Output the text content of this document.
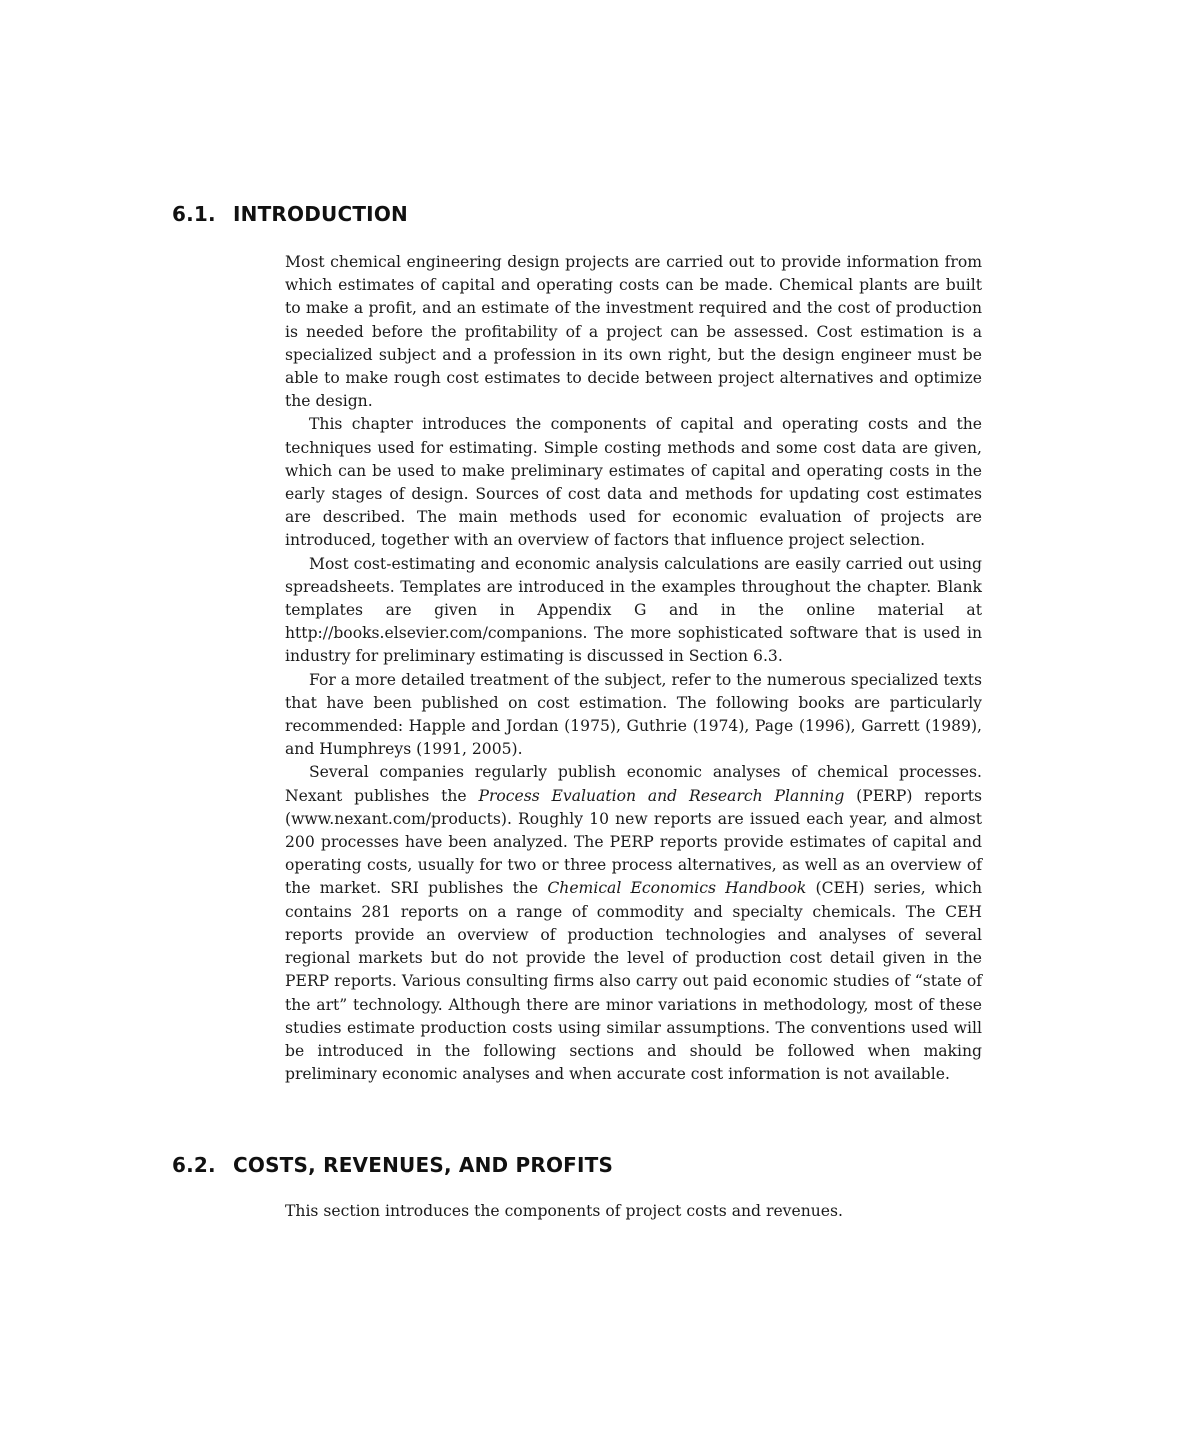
6.1. INTRODUCTION

Most chemical engineering design projects are carried out to provide information from which estimates of capital and operating costs can be made. Chemical plants are built to make a profit, and an estimate of the investment required and the cost of production is needed before the profitability of a project can be assessed. Cost estimation is a specialized subject and a profession in its own right, but the design engineer must be able to make rough cost estimates to decide between project alternatives and optimize the design.

This chapter introduces the components of capital and operating costs and the techniques used for estimating. Simple costing methods and some cost data are given, which can be used to make preliminary estimates of capital and operating costs in the early stages of design. Sources of cost data and methods for updating cost estimates are described. The main methods used for economic evaluation of projects are introduced, together with an overview of factors that influence project selection.

Most cost-estimating and economic analysis calculations are easily carried out using spreadsheets. Templates are introduced in the examples throughout the chapter. Blank templates are given in Appendix G and in the online material at http://books.elsevier.com/companions. The more sophisticated software that is used in industry for preliminary estimating is discussed in Section 6.3.

For a more detailed treatment of the subject, refer to the numerous specialized texts that have been published on cost estimation. The following books are particularly recommended: Happle and Jordan (1975), Guthrie (1974), Page (1996), Garrett (1989), and Humphreys (1991, 2005).

Several companies regularly publish economic analyses of chemical processes. Nexant publishes the Process Evaluation and Research Planning (PERP) reports (www.nexant.com/products). Roughly 10 new reports are issued each year, and almost 200 processes have been analyzed. The PERP reports provide estimates of capital and operating costs, usually for two or three process alternatives, as well as an overview of the market. SRI publishes the Chemical Economics Handbook (CEH) series, which contains 281 reports on a range of commodity and specialty chemicals. The CEH reports provide an overview of production technologies and analyses of several regional markets but do not provide the level of production cost detail given in the PERP reports. Various consulting firms also carry out paid economic studies of “state of the art” technology. Although there are minor variations in methodology, most of these studies estimate production costs using similar assumptions. The conventions used will be introduced in the following sections and should be followed when making preliminary economic analyses and when accurate cost information is not available.

6.2. COSTS, REVENUES, AND PROFITS

This section introduces the components of project costs and revenues.
